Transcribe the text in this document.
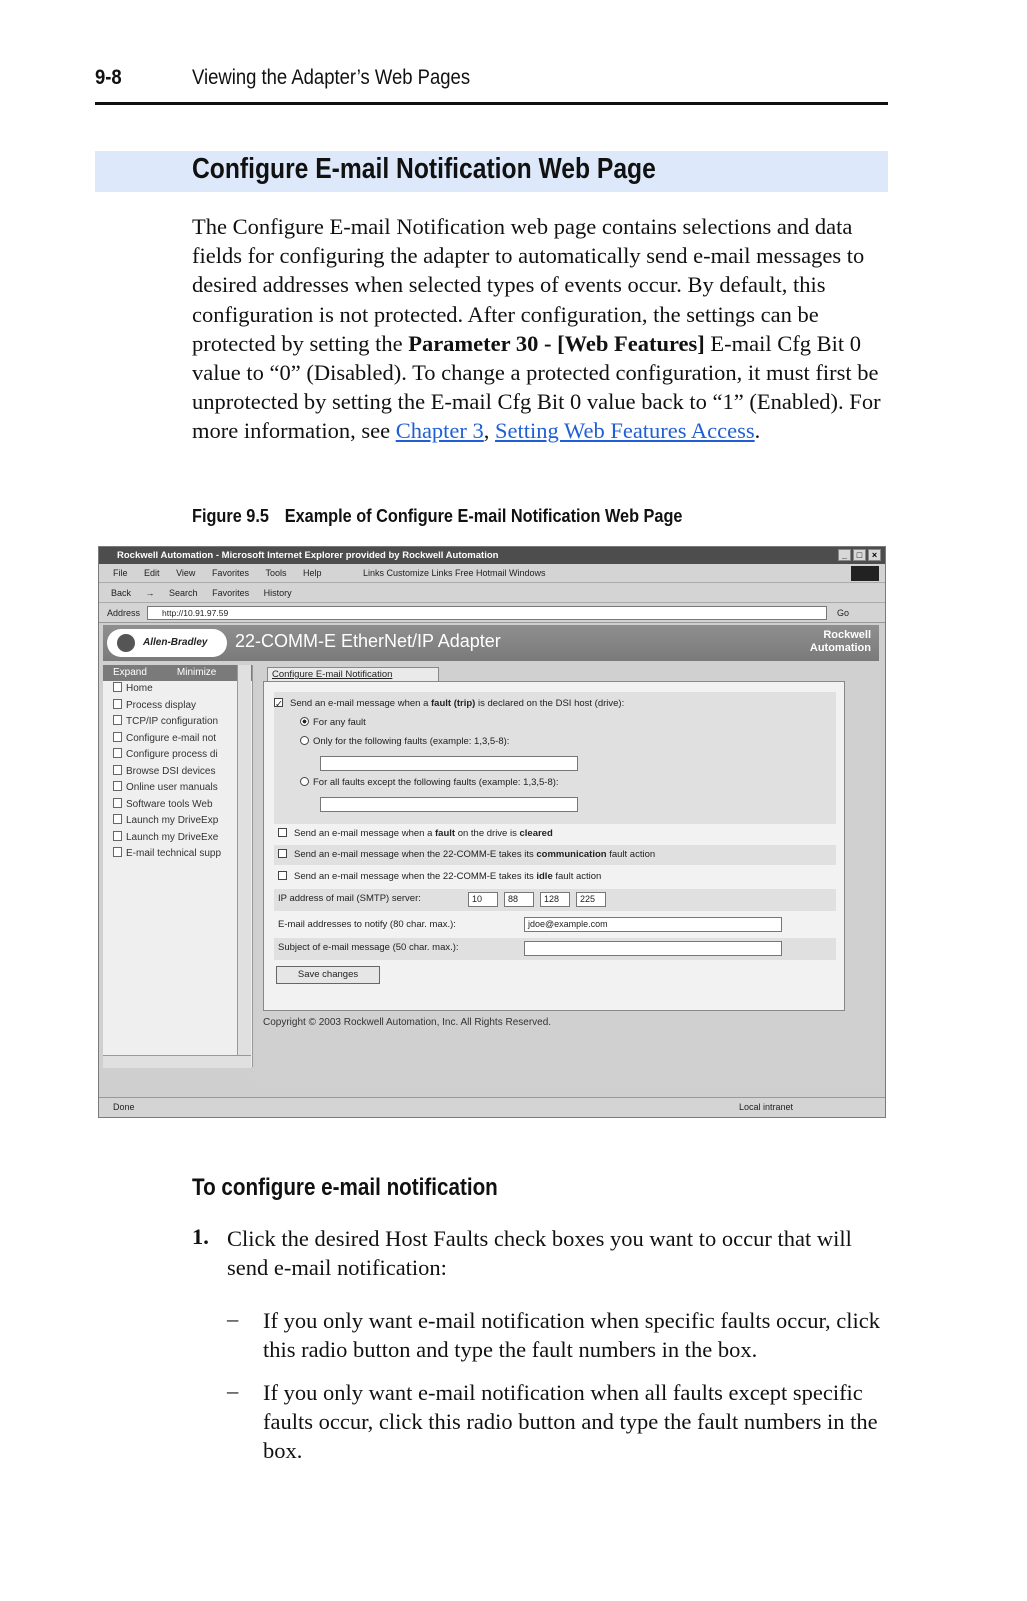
9-8	Viewing the Adapter’s Web Pages
Configure E-mail Notification Web Page
The Configure E-mail Notification web page contains selections and data fields for configuring the adapter to automatically send e-mail messages to desired addresses when selected types of events occur. By default, this configuration is not protected. After configuration, the settings can be protected by setting the Parameter 30 - [Web Features] E-mail Cfg Bit 0 value to “0” (Disabled). To change a protected configuration, it must first be unprotected by setting the E-mail Cfg Bit 0 value back to “1” (Enabled). For more information, see Chapter 3, Setting Web Features Access.
Figure 9.5 Example of Configure E-mail Notification Web Page
Rockwell Automation - Microsoft Internet Explorer provided by Rockwell Automation	_	□	×
File Edit View Favorites Tools Help	Links Customize Links Free Hotmail Windows
Back → Search Favorites History
Address	http://10.91.97.59	Go
Allen-Bradley	22-COMM-E EtherNet/IP Adapter	Rockwell
Automation
Expand	Minimize
Home
Process display
TCP/IP configuration
Configure e-mail not
Configure process di
Browse DSI devices
Online user manuals
Software tools Web
Launch my DriveExp
Launch my DriveExe
E-mail technical supp
Configure E-mail Notification
✓ Send an e-mail message when a fault (trip) is declared on the DSI host (drive):
For any fault
Only for the following faults (example: 1,3,5-8):
For all faults except the following faults (example: 1,3,5-8):
Send an e-mail message when a fault on the drive is cleared
Send an e-mail message when the 22-COMM-E takes its communication fault action
Send an e-mail message when the 22-COMM-E takes its idle fault action
IP address of mail (SMTP) server:	10	88	128	225
E-mail addresses to notify (80 char. max.):	jdoe@example.com
Subject of e-mail message (50 char. max.):
Save changes
Copyright © 2003 Rockwell Automation, Inc. All Rights Reserved.
Done	Local intranet
To configure e-mail notification
1. Click the desired Host Faults check boxes you want to occur that will send e-mail notification:
– If you only want e-mail notification when specific faults occur, click this radio button and type the fault numbers in the box.
– If you only want e-mail notification when all faults except specific faults occur, click this radio button and type the fault numbers in the box.
